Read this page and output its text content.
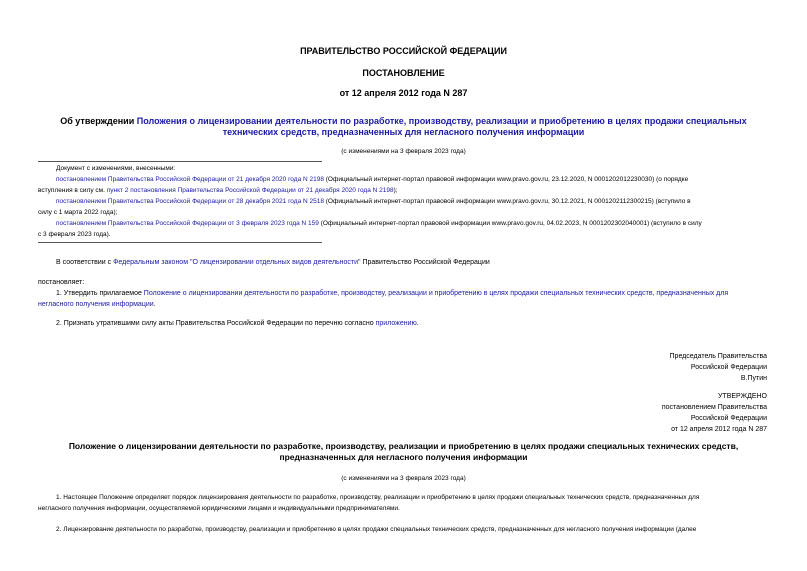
ПРАВИТЕЛЬСТВО РОССИЙСКОЙ ФЕДЕРАЦИИ
ПОСТАНОВЛЕНИЕ
от 12 апреля 2012 года N 287
Об утверждении Положения о лицензировании деятельности по разработке, производству, реализации и приобретению в целях продажи специальных
технических средств, предназначенных для негласного получения информации
(с изменениями на 3 февраля 2023 года)
Документ с изменениями, внесенными:
постановлением Правительства Российской Федерации от 21 декабря 2020 года N 2198 (Официальный интернет-портал правовой информации www.pravo.gov.ru, 23.12.2020, N 0001202012230030) (о порядке
вступления в силу см. пункт 2 постановления Правительства Российской Федерации от 21 декабря 2020 года N 2198);
постановлением Правительства Российской Федерации от 28 декабря 2021 года N 2518 (Официальный интернет-портал правовой информации www.pravo.gov.ru, 30.12.2021, N 0001202112300215) (вступило в
силу с 1 марта 2022 года);
постановлением Правительства Российской Федерации от 3 февраля 2023 года N 159 (Официальный интернет-портал правовой информации www.pravo.gov.ru, 04.02.2023, N 0001202302040001) (вступило в силу
с 3 февраля 2023 года).
В соответствии с Федеральным законом "О лицензировании отдельных видов деятельности" Правительство Российской Федерации
постановляет:
1. Утвердить прилагаемое Положение о лицензировании деятельности по разработке, производству, реализации и приобретению в целях продажи специальных технических средств, предназначенных для
негласного получения информации.
2. Признать утратившими силу акты Правительства Российской Федерации по перечню согласно приложению.
Председатель Правительства
Российской Федерации
В.Путин
УТВЕРЖДЕНО
постановлением Правительства
Российской Федерации
от 12 апреля 2012 года N 287
Положение о лицензировании деятельности по разработке, производству, реализации и приобретению в целях продажи специальных технических средств,
предназначенных для негласного получения информации
(с изменениями на 3 февраля 2023 года)
1. Настоящее Положение определяет порядок лицензирования деятельности по разработке, производству, реализации и приобретению в целях продажи специальных технических средств, предназначенных для
негласного получения информации, осуществляемой юридическими лицами и индивидуальными предпринимателями.
2. Лицензирование деятельности по разработке, производству, реализации и приобретению в целях продажи специальных технических средств, предназначенных для негласного получения информации (далее
